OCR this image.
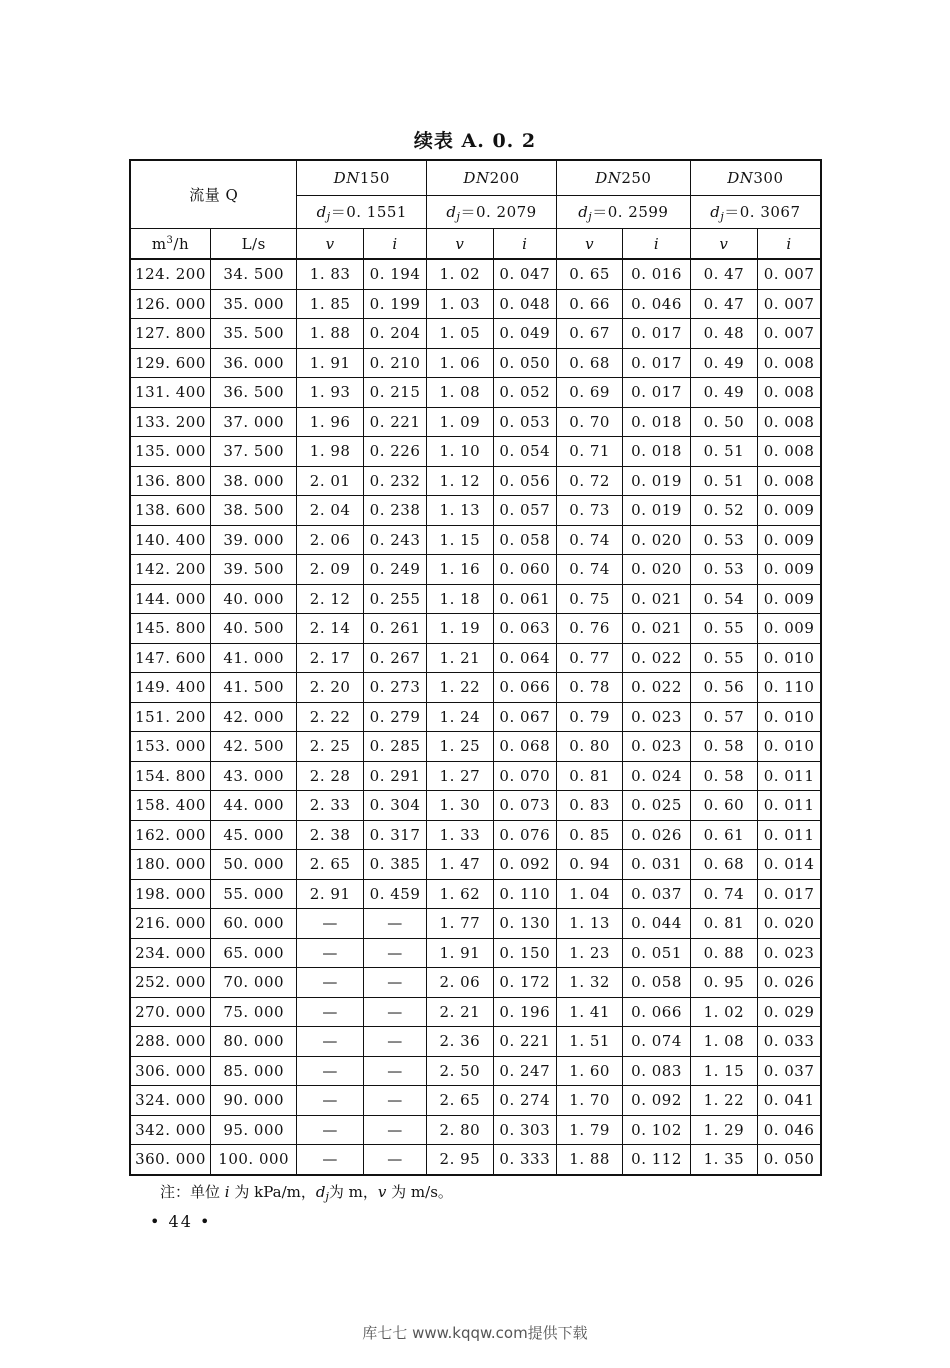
续表 A. 0. 2
流量 Q		DN150		DN200		DN250		DN300	
		$d_j=0$. 1551		$d_j=0$. 2079		$d_j=0$. 2599		$d_j=0$. 3067	
$m^3/h$	L/s	v	i	v	i	v	i	v	i
124. 200	34. 500	1. 83	0. 194	1. 02	0. 047	0. 65	0. 016	0. 47	0. 007
126. 000	35. 000	1. 85	0. 199	1. 03	0. 048	0. 66	0. 046	0. 47	0. 007
127. 800	35. 500	1. 88	0. 204	1. 05	0. 049	0. 67	0. 017	0. 48	0. 007
129. 600	36. 000	1. 91	0. 210	1. 06	0. 050	0. 68	0. 017	0. 49	0. 008
131. 400	36. 500	1. 93	0. 215	1. 08	0. 052	0. 69	0. 017	0. 49	0. 008
133. 200	37. 000	1. 96	0. 221	1. 09	0. 053	0. 70	0. 018	0. 50	0. 008
135. 000	37. 500	1. 98	0. 226	1. 10	0. 054	0. 71	0. 018	0. 51	0. 008
136. 800	38. 000	2. 01	0. 232	1. 12	0. 056	0. 72	0. 019	0. 51	0. 008
138. 600	38. 500	2. 04	0. 238	1. 13	0. 057	0. 73	0. 019	0. 52	0. 009
140. 400	39. 000	2. 06	0. 243	1. 15	0. 058	0. 74	0. 020	0. 53	0. 009
142. 200	39. 500	2. 09	0. 249	1. 16	0. 060	0. 74	0. 020	0. 53	0. 009
144. 000	40. 000	2. 12	0. 255	1. 18	0. 061	0. 75	0. 021	0. 54	0. 009
145. 800	40. 500	2. 14	0. 261	1. 19	0. 063	0. 76	0. 021	0. 55	0. 009
147. 600	41. 000	2. 17	0. 267	1. 21	0. 064	0. 77	0. 022	0. 55	0. 010
149. 400	41. 500	2. 20	0. 273	1. 22	0. 066	0. 78	0. 022	0. 56	0. 110
151. 200	42. 000	2. 22	0. 279	1. 24	0. 067	0. 79	0. 023	0. 57	0. 010
153. 000	42. 500	2. 25	0. 285	1. 25	0. 068	0. 80	0. 023	0. 58	0. 010
154. 800	43. 000	2. 28	0. 291	1. 27	0. 070	0. 81	0. 024	0. 58	0. 011
158. 400	44. 000	2. 33	0. 304	1. 30	0. 073	0. 83	0. 025	0. 60	0. 011
162. 000	45. 000	2. 38	0. 317	1. 33	0. 076	0. 85	0. 026	0. 61	0. 011
180. 000	50. 000	2. 65	0. 385	1. 47	0. 092	0. 94	0. 031	0. 68	0. 014
198. 000	55. 000	2. 91	0. 459	1. 62	0. 110	1. 04	0. 037	0. 74	0. 017
216. 000	60. 000	—	—	1. 77	0. 130	1. 13	0. 044	0. 81	0. 020
234. 000	65. 000	—	—	1. 91	0. 150	1. 23	0. 051	0. 88	0. 023
252. 000	70. 000	—	—	2. 06	0. 172	1. 32	0. 058	0. 95	0. 026
270. 000	75. 000	—	—	2. 21	0. 196	1. 41	0. 066	1. 02	0. 029
288. 000	80. 000	—	—	2. 36	0. 221	1. 51	0. 074	1. 08	0. 033
306. 000	85. 000	—	—	2. 50	0. 247	1. 60	0. 083	1. 15	0. 037
324. 000	90. 000	—	—	2. 65	0. 274	1. 70	0. 092	1. 22	0. 041
342. 000	95. 000	—	—	2. 80	0. 303	1. 79	0. 102	1. 29	0. 046
360. 000	100. 000	—	—	2. 95	0. 333	1. 88	0. 112	1. 35	0. 050
注：单位 i 为 kPa/m，$d_j$为 m，v 为 m/s。
• 44 •
库七七 www.kqqw.com提供下载
